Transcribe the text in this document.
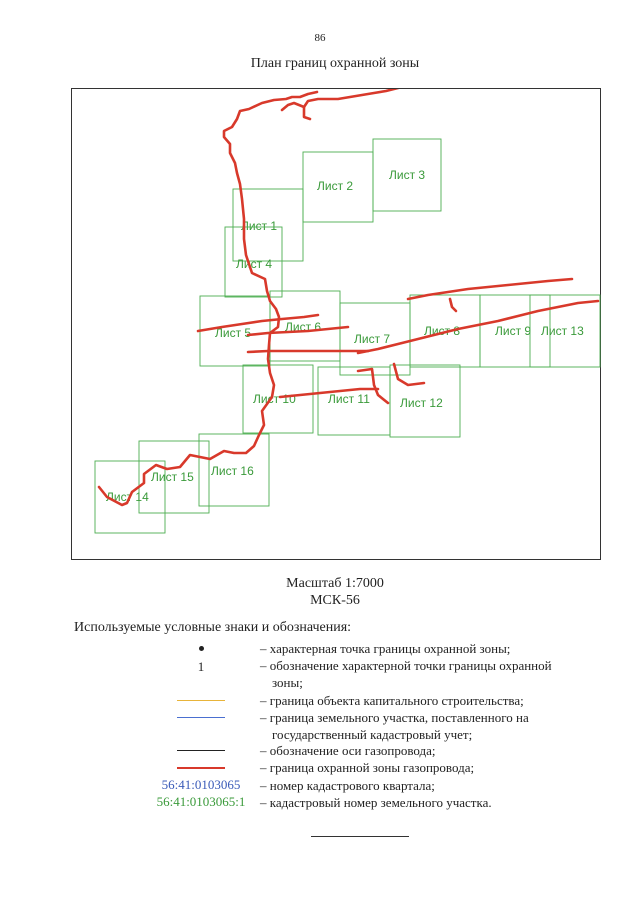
86
План границ охранной зоны
Лист 1
Лист 2
Лист 3
Лист 4
Лист 5	Лист 6
Лист 7
Лист 8	Лист 9 Лист 13
Лист 10	Лист 11	Лист 12
Лист 15 Лист 16
Лист 14
Масштаб 1:7000
МСК-56
Используемые условные знаки и обозначения:
– характерная точка границы охранной зоны;
1	– обозначение характерной точки границы охранной
зоны;
– граница объекта капитального строительства;
– граница земельного участка, поставленного на
государственный кадастровый учет;
– обозначение оси газопровода;
– граница охранной зоны газопровода;
56:41:0103065	– номер кадастрового квартала;
56:41:0103065:1	– кадастровый номер земельного участка.
